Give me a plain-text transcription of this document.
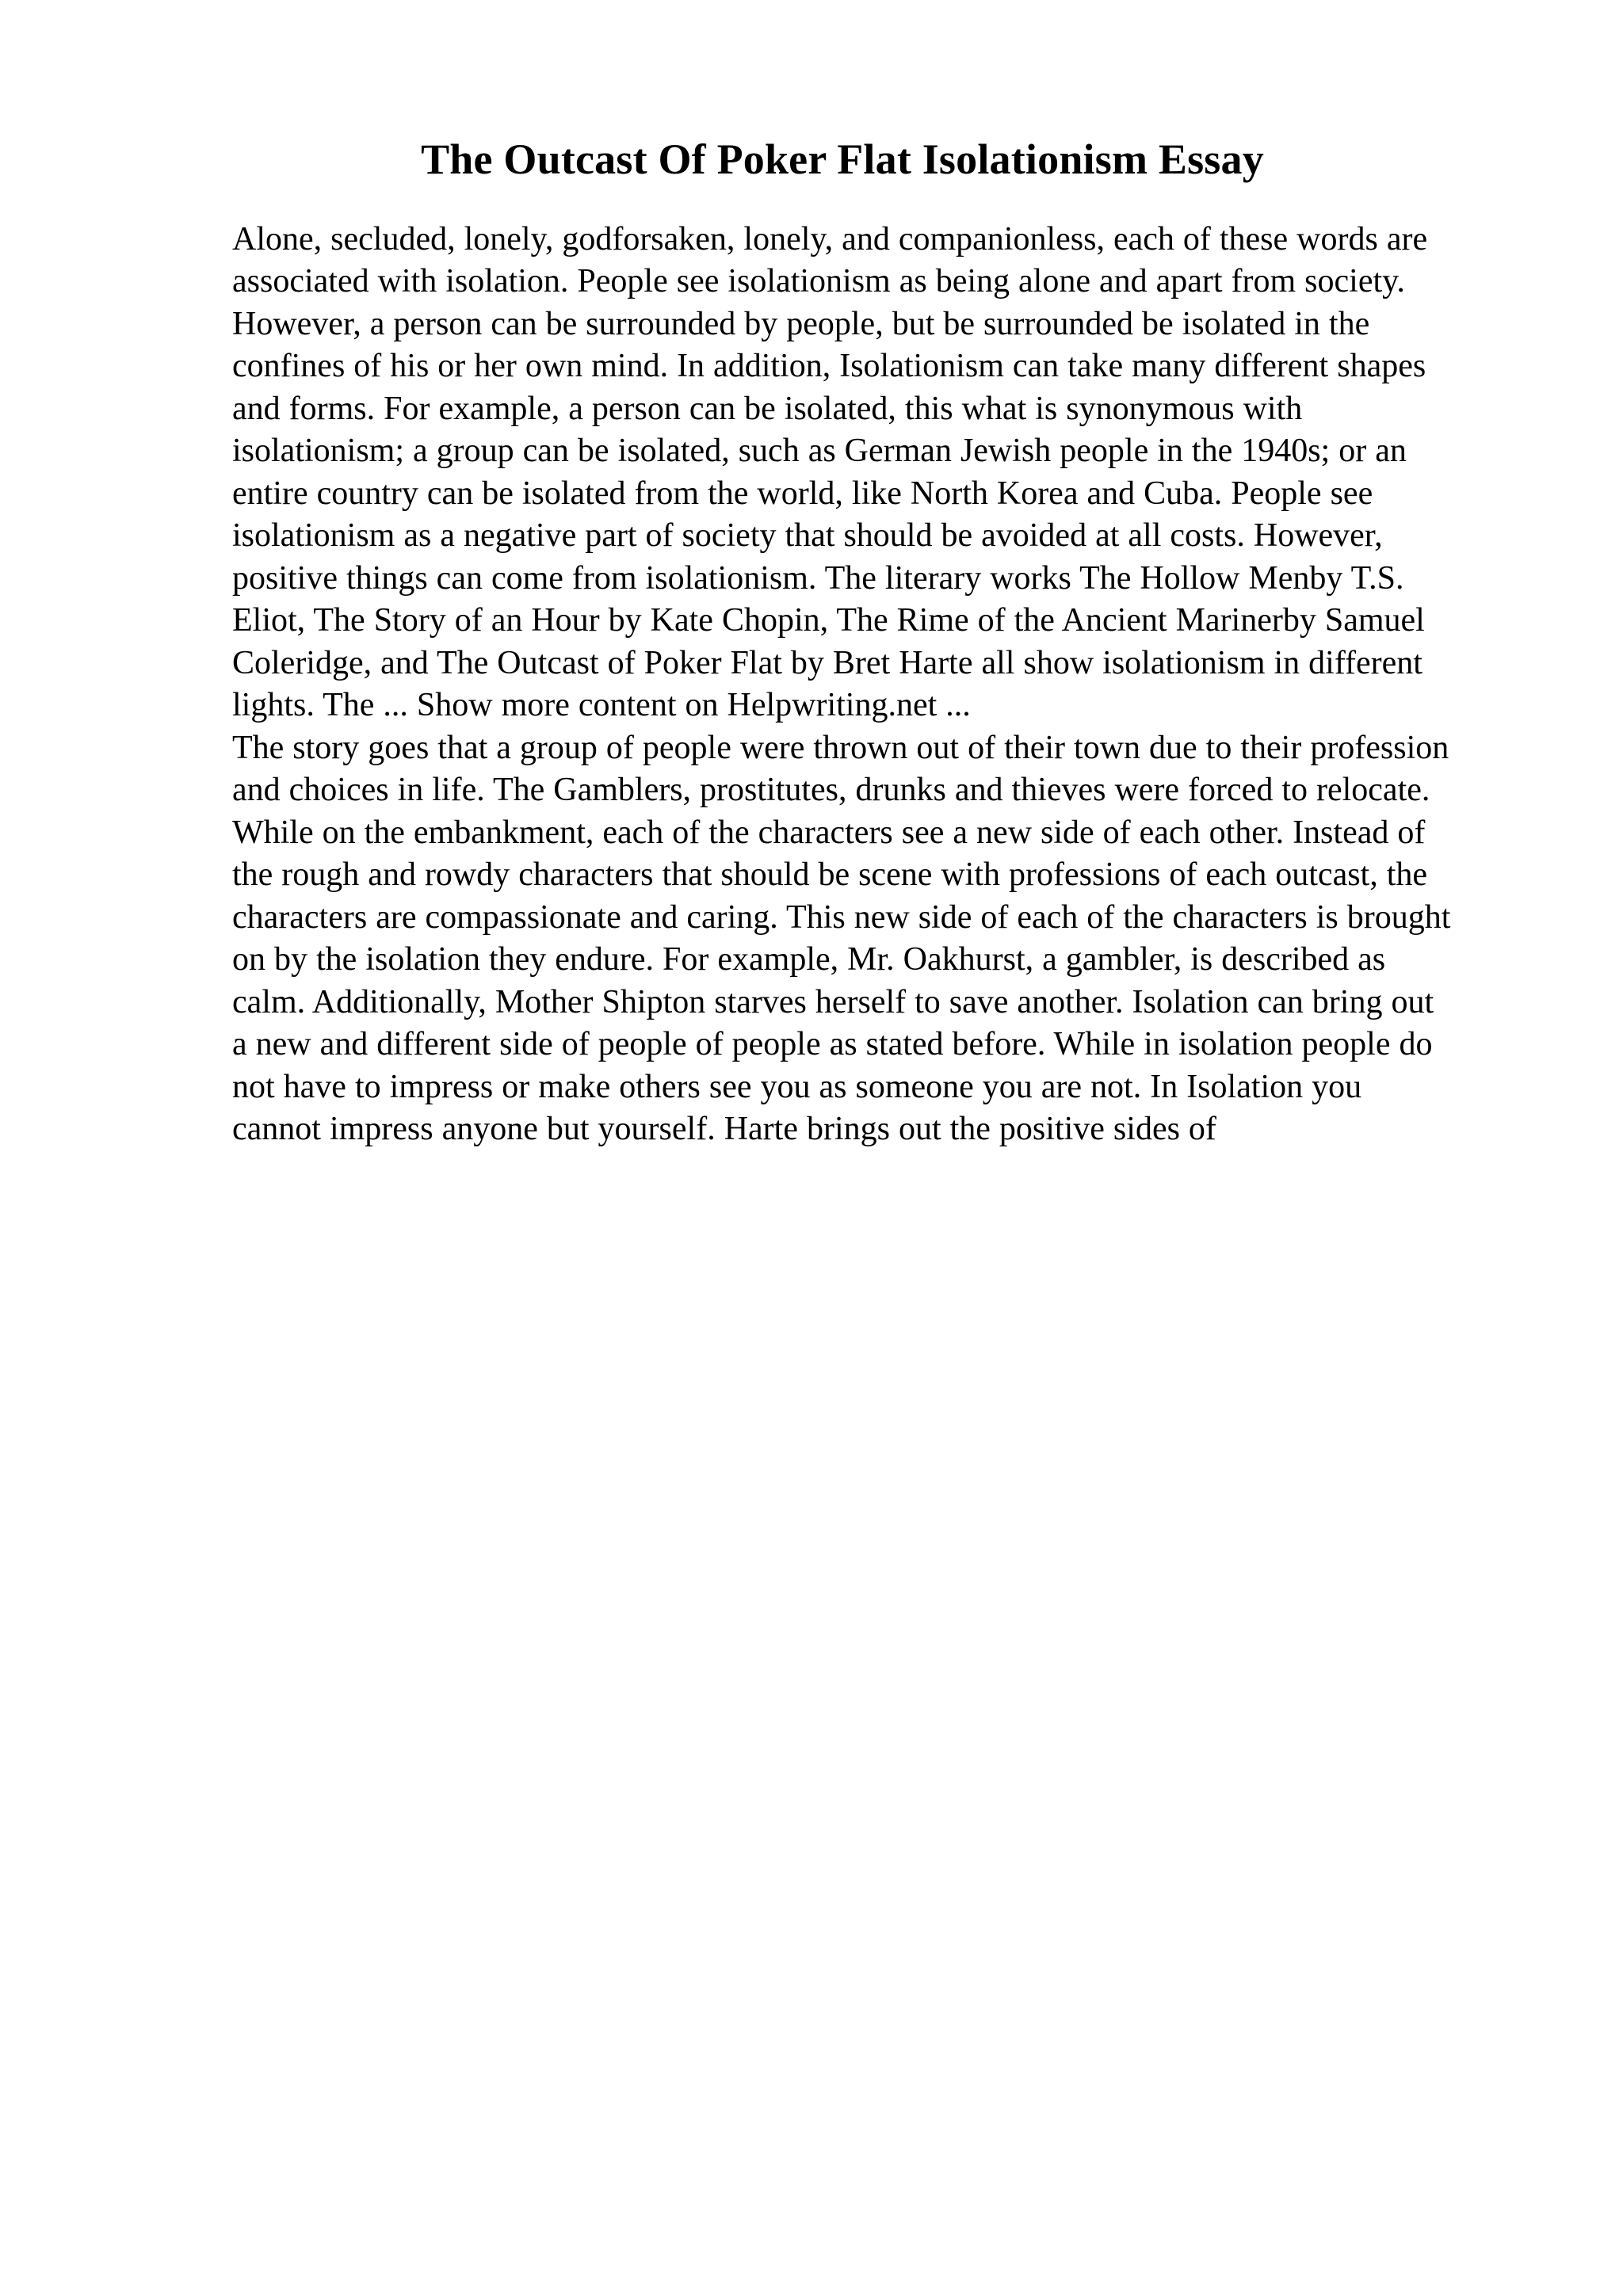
The Outcast Of Poker Flat Isolationism Essay

Alone, secluded, lonely, godforsaken, lonely, and companionless, each of these words are associated with isolation. People see isolationism as being alone and apart from society. However, a person can be surrounded by people, but be surrounded be isolated in the confines of his or her own mind. In addition, Isolationism can take many different shapes and forms. For example, a person can be isolated, this what is synonymous with isolationism; a group can be isolated, such as German Jewish people in the 1940s; or an entire country can be isolated from the world, like North Korea and Cuba. People see isolationism as a negative part of society that should be avoided at all costs. However, positive things can come from isolationism. The literary works The Hollow Menby T.S. Eliot, The Story of an Hour by Kate Chopin, The Rime of the Ancient Marinerby Samuel Coleridge, and The Outcast of Poker Flat by Bret Harte all show isolationism in different lights. The ... Show more content on Helpwriting.net ...

The story goes that a group of people were thrown out of their town due to their profession and choices in life. The Gamblers, prostitutes, drunks and thieves were forced to relocate. While on the embankment, each of the characters see a new side of each other. Instead of the rough and rowdy characters that should be scene with professions of each outcast, the characters are compassionate and caring. This new side of each of the characters is brought on by the isolation they endure. For example, Mr. Oakhurst, a gambler, is described as calm. Additionally, Mother Shipton starves herself to save another. Isolation can bring out a new and different side of people of people as stated before. While in isolation people do not have to impress or make others see you as someone you are not. In Isolation you cannot impress anyone but yourself. Harte brings out the positive sides of
